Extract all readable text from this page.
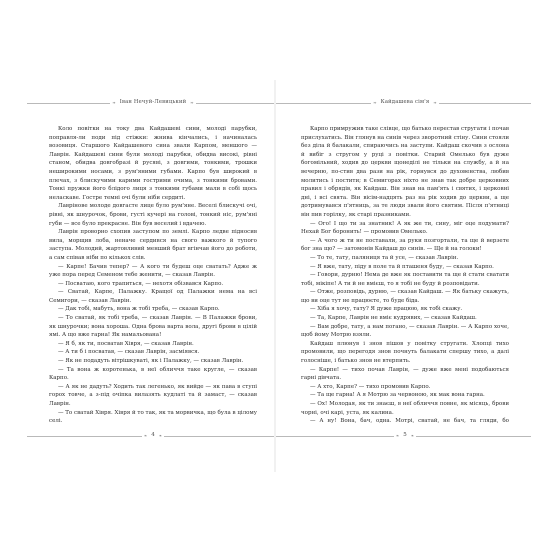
❧ Іван Нечуй-Левицький	❧

Коло повітки на току два Кайдашеві сини, молоді парубки, поправля-ли поди під стіжки: жнива кінчались, і начиналась возовиця. Старшого Кайдашевого сина звали Карпом, меншого — Лаврін. Кайдашеві сини були молоді парубки, обидва високі, рівні станом, обидва довгобразі й русяві, з довгими, тонкими, трошки неширокими носами, з рум'яними губами. Карпо був широкий в плечах, з блискучими карими гострими очима, з тонкими бровами. Тонкі пружки його блідого лиця з тонкими губами мали в собі щось неласкаве. Гостре темні очі були ніби сердиті.

Лаврінове молоде довгасте лице було рум'яне. Веселі блискучі очі, рівні, як шнурочок, брови, густі кучері на голові, тонкий ніс, рум'яні губи — все було прекрасне. Він був веселий і вдачею.

Лаврін проворно схопив заступом по землі. Карпо ледве підносив вила, морщив лоба, неначе сердився на свого важкого й тупого заступа. Молодий, жартовливий менший брат вгінчав його до роботи, а сам співав ніби по кількох слів.

— Карпе! Бачив тепер? — А кого ти будеш оце сватать? Адже ж уже пора перед Семеном тебе женити, — сказав Лаврін.

— Посватаю, кого трапиться, — нехотя обізвався Карпо.

— Сватай, Карпе, Палажку. Кращої од Палажки нема на всі Семигори, — сказав Лаврін.

— Дак тобі, мабуть, вона ж тобі треба, — сказав Карпо.

— То сватай, як тобі треба, — сказав Лаврін. — В Палажки брови, як шнурочки; вона хороша. Одна брова варта вола, другі брови в цілій ямі. А що вже гарна! Як намальована!

— Я б, як ти, посватав Хівря, — сказав Лаврін.

— А ти б і посватав, — сказав Лаврін, засміявся.

— Як не подадуть вітрішкуваті, як і Палажку, — сказав Лаврін.

— Та вона ж коротенька, в неї обличчя таке кругле, — сказав Карпо.

— А як не дадуть? Ходить так легенько, як вийде — як пава в ступі горох товче, а з-під очіпка вилазять кудлаті та й замаст, — сказав Лаврін.

— То сватай Хівря. Хівря й то так, як та морвичка, що була в цілому селі.

❧ 4	❧
❧ Кайдашева сім'я	❧

Карпо примружив таке слівце, що батько перестав стругати і почав прислухатись. Він глянув на синів через зворотний стіну. Сини стояли без діла й балакали, спираючись на заступи. Кайдаш скочив з ослона й вибіг з стругом у руці з повітки. Старий Омелько був дуже богомільний, ходив до церкви щонеділі не тільки на службу, а й на вечерню, по-стив два рази на рік, горнувся до духовенства, любив молитись і постити; в Семигорах ніхто не знав так добре церковних правил і обрядів, як Кайдаш. Він знав на пам'ять і святих, і церковні дні, і всі свята. Він вісім-надцять раз на рік ходив до церкви, а ще дотримувався п'ятниць, за те люди звали його святим. Після п'ятниці він пив горілку, як старі празниками.

— Ого! І що ти за знатник! А як же ти, сину, міг оце подумати? Нехай Бог боронить! — промовив Омелько.

— А чого ж ти не поставали, за руки позгортали, та ще й верзете бог зна що? — затомонів Кайдаш до синів. — Ще й на голоки!

— То те, тату, паляниця та й усе, — сказав Лаврін.

— Я вже, тату, піду в поле та й пташеня буду, — сказав Карпо.

— Говори, дурню! Нема де вже як поставити та ще й стати сватати тобі, мікіпе! А ти й не вмієш, то я тобі не буду й розповідати.

— Отже, розповідь, дурню, — сказав Кайдаш. — Як батьку скажуть, що ви оце тут не працюєте, то буде біда.

— Хіба я хочу, тату? Я дуже працюю, як тобі скажу.

— Та, Карпе, Лаврін не вміє кудрявих, — сказав Кайдаш.

— Вам добре, тату, а нам погано, — сказав Лаврін. — А Карпо хоче, щоб йому Мотрю взяли.

Кайдаш плюнув і знов пішов у повітку стругати. Хлопці тихо промовили, що перегодя знов почнуть балакати спершу тихо, а далі голосніше, і батько знов не втерпить.

— Карпе! — тихо почав Лаврін, — дуже вже мені подобаються гарні дівчата.

— А хто, Карпе? — тихо промовив Карпо.

— Та ще гарна! А я Мотрю за червоною, як мак вона гарна.

— Ох! Молодая, як ти знаєш, в неї обличчя повне, як місяць, брови чорні, очі карі, уста, як калина.

— А ну! Вона, бач, одна. Мотрі, сватай, не бач, та гляди, бо

❧ 5	❧
